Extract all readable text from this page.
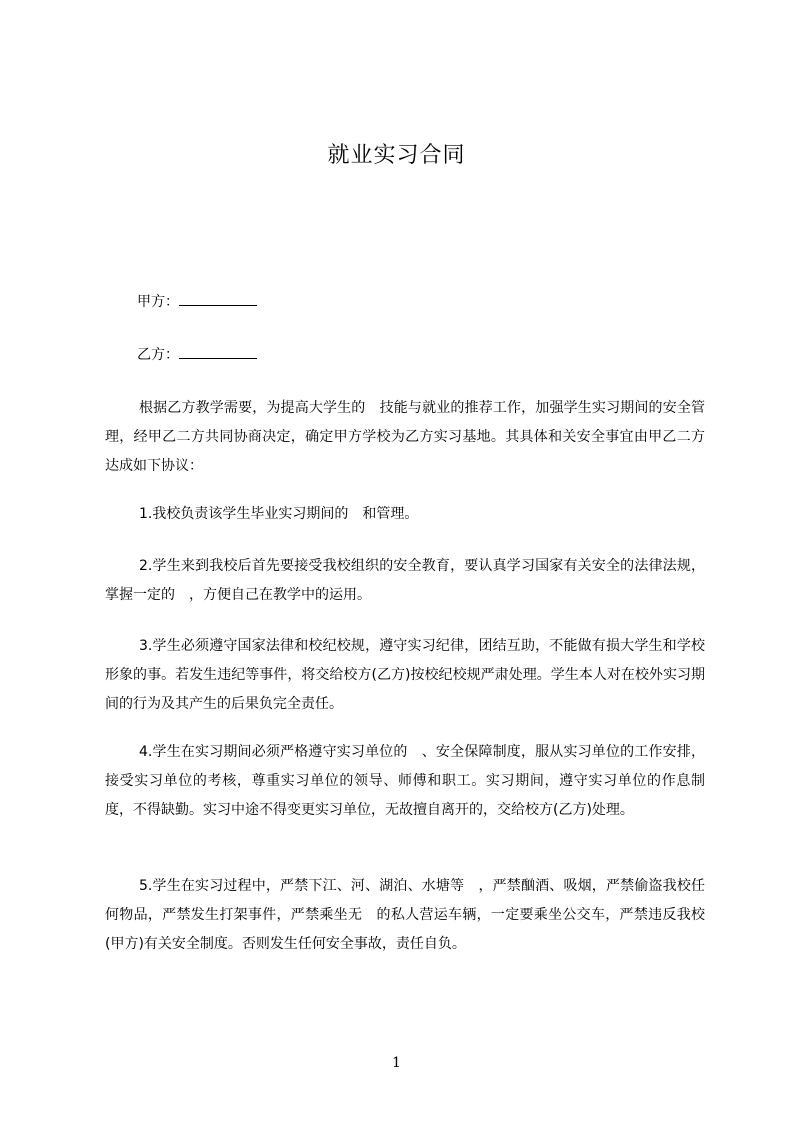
就业实习合同
甲方：
乙方：
根据乙方教学需要，为提高大学生的　技能与就业的推荐工作，加强学生实习期间的安全管理，经甲乙二方共同协商决定，确定甲方学校为乙方实习基地。其具体和关安全事宜由甲乙二方达成如下协议：
1.我校负责该学生毕业实习期间的　和管理。
2.学生来到我校后首先要接受我校组织的安全教育，要认真学习国家有关安全的法律法规，掌握一定的　，方便自己在教学中的运用。
3.学生必须遵守国家法律和校纪校规，遵守实习纪律，团结互助，不能做有损大学生和学校形象的事。若发生违纪等事件，将交给校方(乙方)按校纪校规严肃处理。学生本人对在校外实习期间的行为及其产生的后果负完全责任。
4.学生在实习期间必须严格遵守实习单位的　、安全保障制度，服从实习单位的工作安排，接受实习单位的考核，尊重实习单位的领导、师傅和职工。实习期间，遵守实习单位的作息制度，不得缺勤。实习中途不得变更实习单位，无故擅自离开的，交给校方(乙方)处理。
5.学生在实习过程中，严禁下江、河、湖泊、水塘等　，严禁酗酒、吸烟，严禁偷盗我校任何物品，严禁发生打架事件，严禁乘坐无　的私人营运车辆，一定要乘坐公交车，严禁违反我校(甲方)有关安全制度。否则发生任何安全事故，责任自负。
1
